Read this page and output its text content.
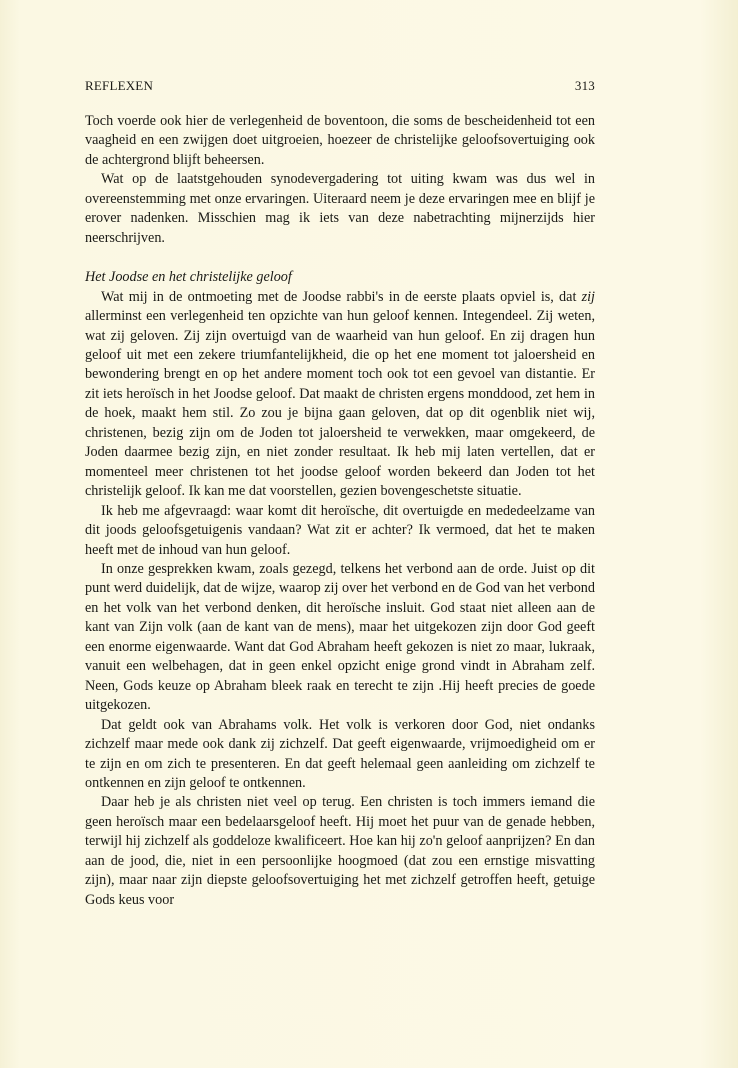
REFLEXEN	313

Toch voerde ook hier de verlegenheid de boventoon, die soms de bescheidenheid tot een vaagheid en een zwijgen doet uitgroeien, hoezeer de christelijke geloofsovertuiging ook de achtergrond blijft beheersen.

Wat op de laatstgehouden synodevergadering tot uiting kwam was dus wel in overeenstemming met onze ervaringen. Uiteraard neem je deze ervaringen mee en blijf je erover nadenken. Misschien mag ik iets van deze nabetrachting mijnerzijds hier neerschrijven.

Het Joodse en het christelijke geloof

Wat mij in de ontmoeting met de Joodse rabbi's in de eerste plaats opviel is, dat zij allerminst een verlegenheid ten opzichte van hun geloof kennen. Integendeel. Zij weten, wat zij geloven. Zij zijn overtuigd van de waarheid van hun geloof. En zij dragen hun geloof uit met een zekere triumfantelijkheid, die op het ene moment tot jaloersheid en bewondering brengt en op het andere moment toch ook tot een gevoel van distantie. Er zit iets heroïsch in het Joodse geloof. Dat maakt de christen ergens monddood, zet hem in de hoek, maakt hem stil. Zo zou je bijna gaan geloven, dat op dit ogenblik niet wij, christenen, bezig zijn om de Joden tot jaloersheid te verwekken, maar omgekeerd, de Joden daarmee bezig zijn, en niet zonder resultaat. Ik heb mij laten vertellen, dat er momenteel meer christenen tot het joodse geloof worden bekeerd dan Joden tot het christelijk geloof. Ik kan me dat voorstellen, gezien bovengeschetste situatie.

Ik heb me afgevraagd: waar komt dit heroïsche, dit overtuigde en mededeelzame van dit joods geloofsgetuigenis vandaan? Wat zit er achter? Ik vermoed, dat het te maken heeft met de inhoud van hun geloof.

In onze gesprekken kwam, zoals gezegd, telkens het verbond aan de orde. Juist op dit punt werd duidelijk, dat de wijze, waarop zij over het verbond en de God van het verbond en het volk van het verbond denken, dit heroïsche insluit. God staat niet alleen aan de kant van Zijn volk (aan de kant van de mens), maar het uitgekozen zijn door God geeft een enorme eigenwaarde. Want dat God Abraham heeft gekozen is niet zo maar, lukraak, vanuit een welbehagen, dat in geen enkel opzicht enige grond vindt in Abraham zelf. Neen, Gods keuze op Abraham bleek raak en terecht te zijn .Hij heeft precies de goede uitgekozen.

Dat geldt ook van Abrahams volk. Het volk is verkoren door God, niet ondanks zichzelf maar mede ook dank zij zichzelf. Dat geeft eigenwaarde, vrijmoedigheid om er te zijn en om zich te presenteren. En dat geeft helemaal geen aanleiding om zichzelf te ontkennen en zijn geloof te ontkennen.

Daar heb je als christen niet veel op terug. Een christen is toch immers iemand die geen heroïsch maar een bedelaarsgeloof heeft. Hij moet het puur van de genade hebben, terwijl hij zichzelf als goddeloze kwalificeert. Hoe kan hij zo'n geloof aanprijzen? En dan aan de jood, die, niet in een persoonlijke hoogmoed (dat zou een ernstige misvatting zijn), maar naar zijn diepste geloofsovertuiging het met zichzelf getroffen heeft, getuige Gods keus voor
